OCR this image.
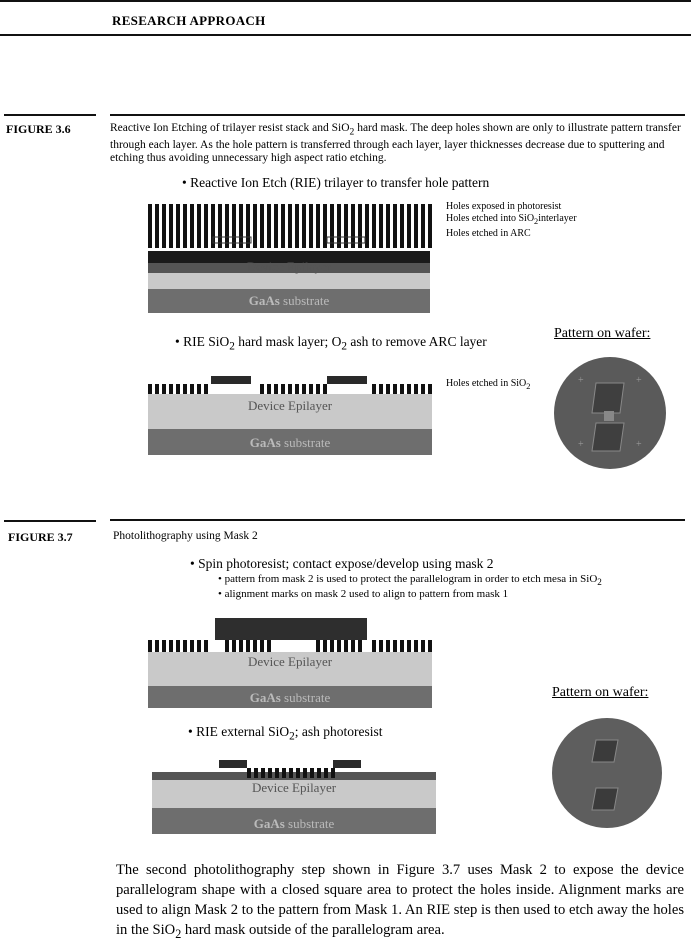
RESEARCH APPROACH
FIGURE 3.6	Reactive Ion Etching of trilayer resist stack and SiO$_2$ hard mask. The deep holes shown are only to illustrate pattern transfer through each layer. As the hole pattern is transferred through each layer, layer thicknesses decrease due to sputtering and etching thus avoiding unnecessary high aspect ratio etching.
• Reactive Ion Etch (RIE) trilayer to transfer hole pattern
Device Epilayer
GaAs substrate
Holes exposed in photoresist
Holes etched into SiO$_2$interlayer
Holes etched in ARC
• RIE SiO$_2$ hard mask layer; $O_2$ ash to remove ARC layer
Pattern on wafer:
Device Epilayer
GaAs substrate
Holes etched in SiO$_2$
+	+
+	+
FIGURE 3.7	Photolithography using Mask 2
• Spin photoresist; contact expose/develop using mask 2
• pattern from mask 2 is used to protect the parallelogram in order to etch mesa in SiO$_2$
• alignment marks on mask 2 used to align to pattern from mask 1
Device Epilayer
GaAs substrate	Pattern on wafer:
• RIE external SiO$_2$; ash photoresist
Device Epilayer
GaAs substrate
The second photolithography step shown in Figure 3.7 uses Mask 2 to expose the device parallelogram shape with a closed square area to protect the holes inside. Alignment marks are used to align Mask 2 to the pattern from Mask 1. An RIE step is then used to etch away the holes in the SiO$_2$ hard mask outside of the parallelogram area.
